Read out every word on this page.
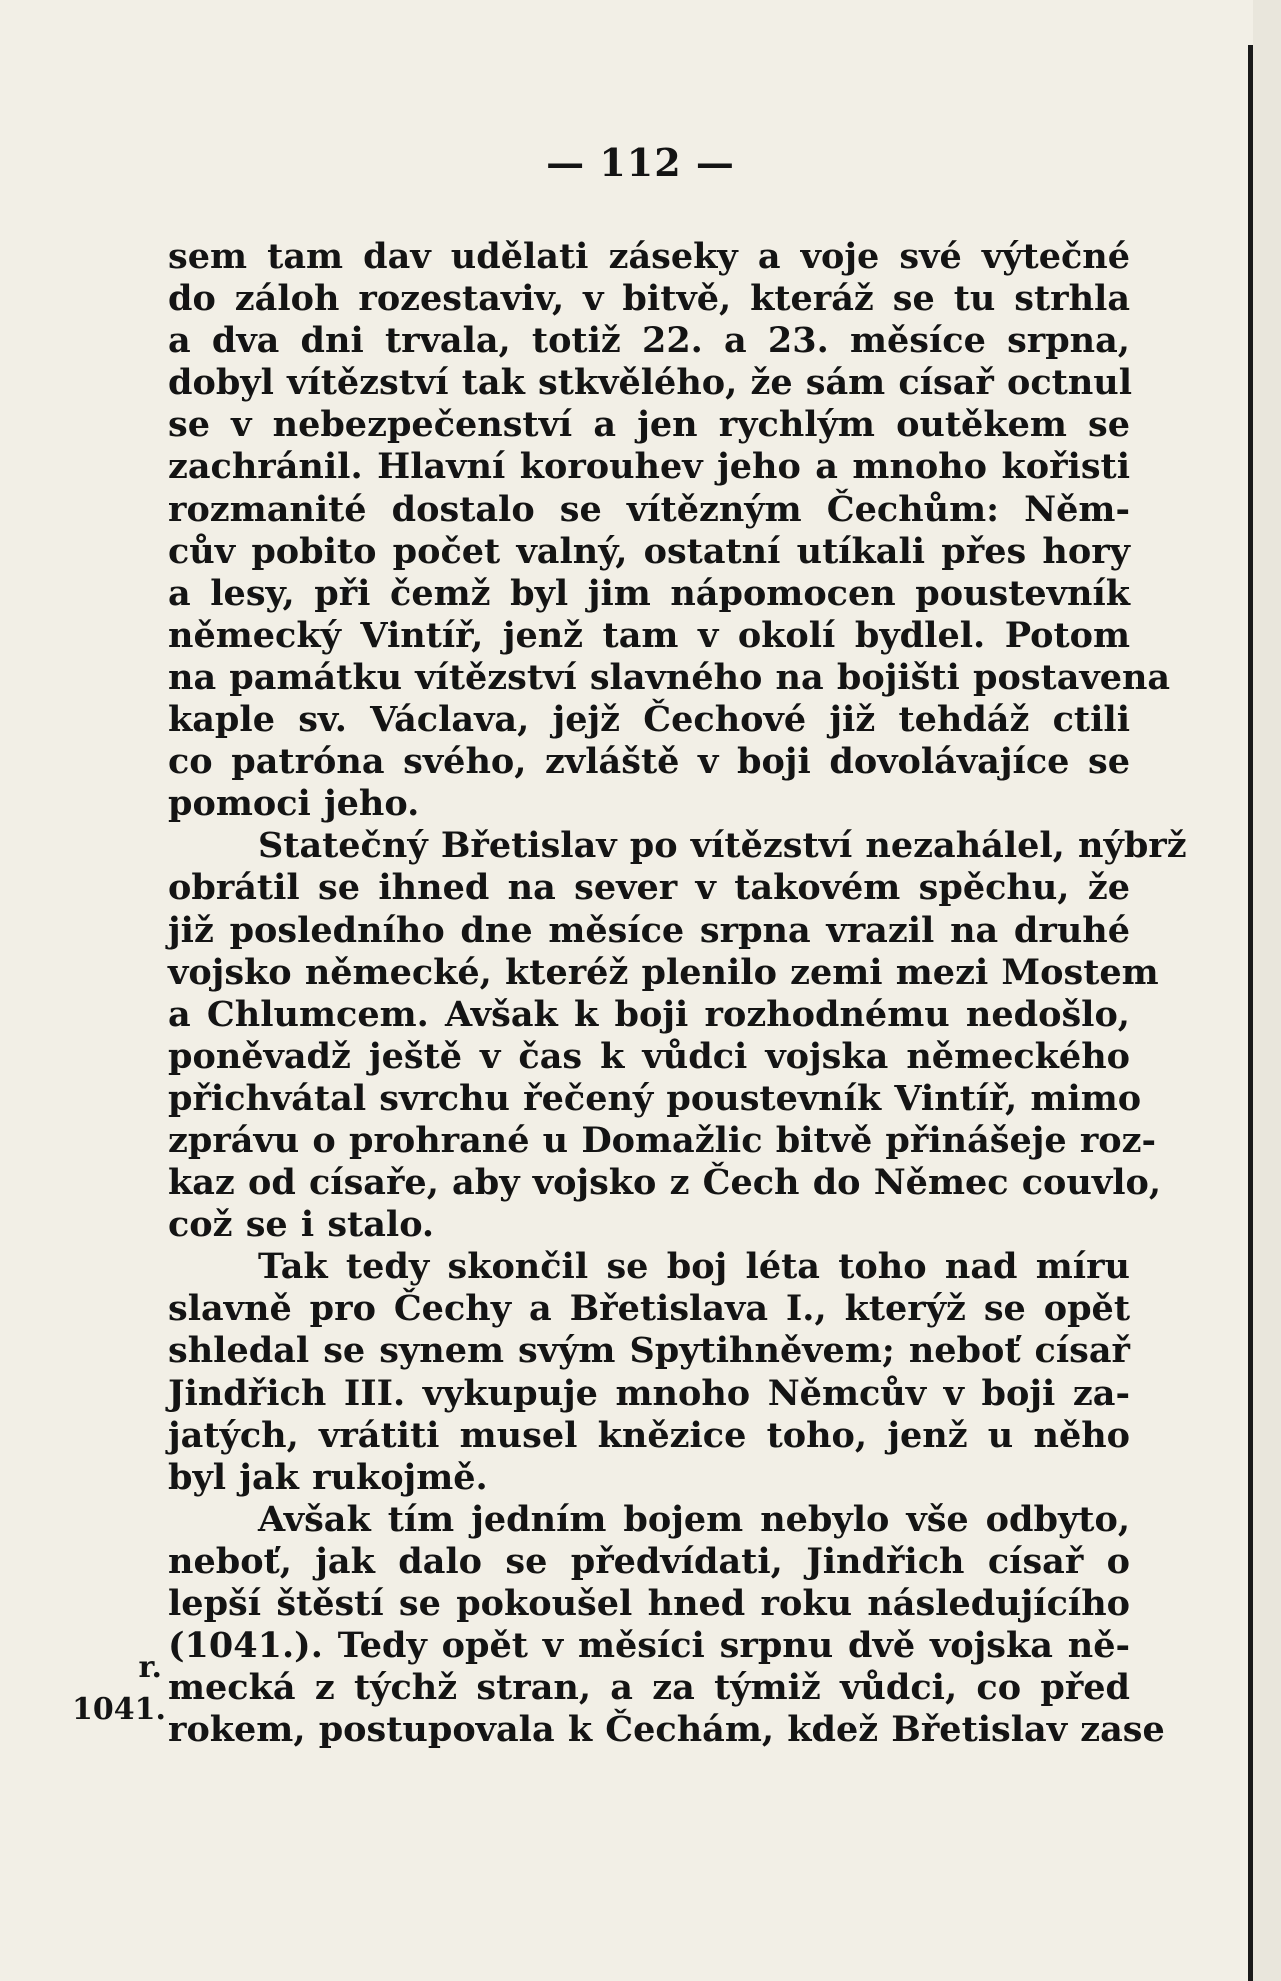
— 112 —
r.
1041.
sem tam dav udělati záseky a voje své výtečné
do záloh rozestaviv, v bitvě, kteráž se tu strhla
a dva dni trvala, totiž 22. a 23. měsíce srpna,
dobyl vítězství tak stkvělého, že sám císař octnul
se v nebezpečenství a jen rychlým outěkem se
zachránil. Hlavní korouhev jeho a mnoho kořisti
rozmanité dostalo se vítězným Čechům: Něm-
cův pobito počet valný, ostatní utíkali přes hory
a lesy, při čemž byl jim nápomocen poustevník
německý Vintíř, jenž tam v okolí bydlel. Potom
na památku vítězství slavného na bojišti postavena
kaple sv. Václava, jejž Čechové již tehdáž ctili
co patróna svého, zvláště v boji dovolávajíce se
pomoci jeho.
Statečný Břetislav po vítězství nezahálel, nýbrž
obrátil se ihned na sever v takovém spěchu, že
již posledního dne měsíce srpna vrazil na druhé
vojsko německé, kteréž plenilo zemi mezi Mostem
a Chlumcem. Avšak k boji rozhodnému nedošlo,
poněvadž ještě v čas k vůdci vojska německého
přichvátal svrchu řečený poustevník Vintíř, mimo
zprávu o prohrané u Domažlic bitvě přinášeje roz-
kaz od císaře, aby vojsko z Čech do Němec couvlo,
což se i stalo.
Tak tedy skončil se boj léta toho nad míru
slavně pro Čechy a Břetislava I., kterýž se opět
shledal se synem svým Spytihněvem; neboť císař
Jindřich III. vykupuje mnoho Němcův v boji za-
jatých, vrátiti musel knězice toho, jenž u něho
byl jak rukojmě.
Avšak tím jedním bojem nebylo vše odbyto,
neboť, jak dalo se předvídati, Jindřich císař o
lepší štěstí se pokoušel hned roku následujícího
(1041.). Tedy opět v měsíci srpnu dvě vojska ně-
mecká z týchž stran, a za týmiž vůdci, co před
rokem, postupovala k Čechám, kdež Břetislav zase
